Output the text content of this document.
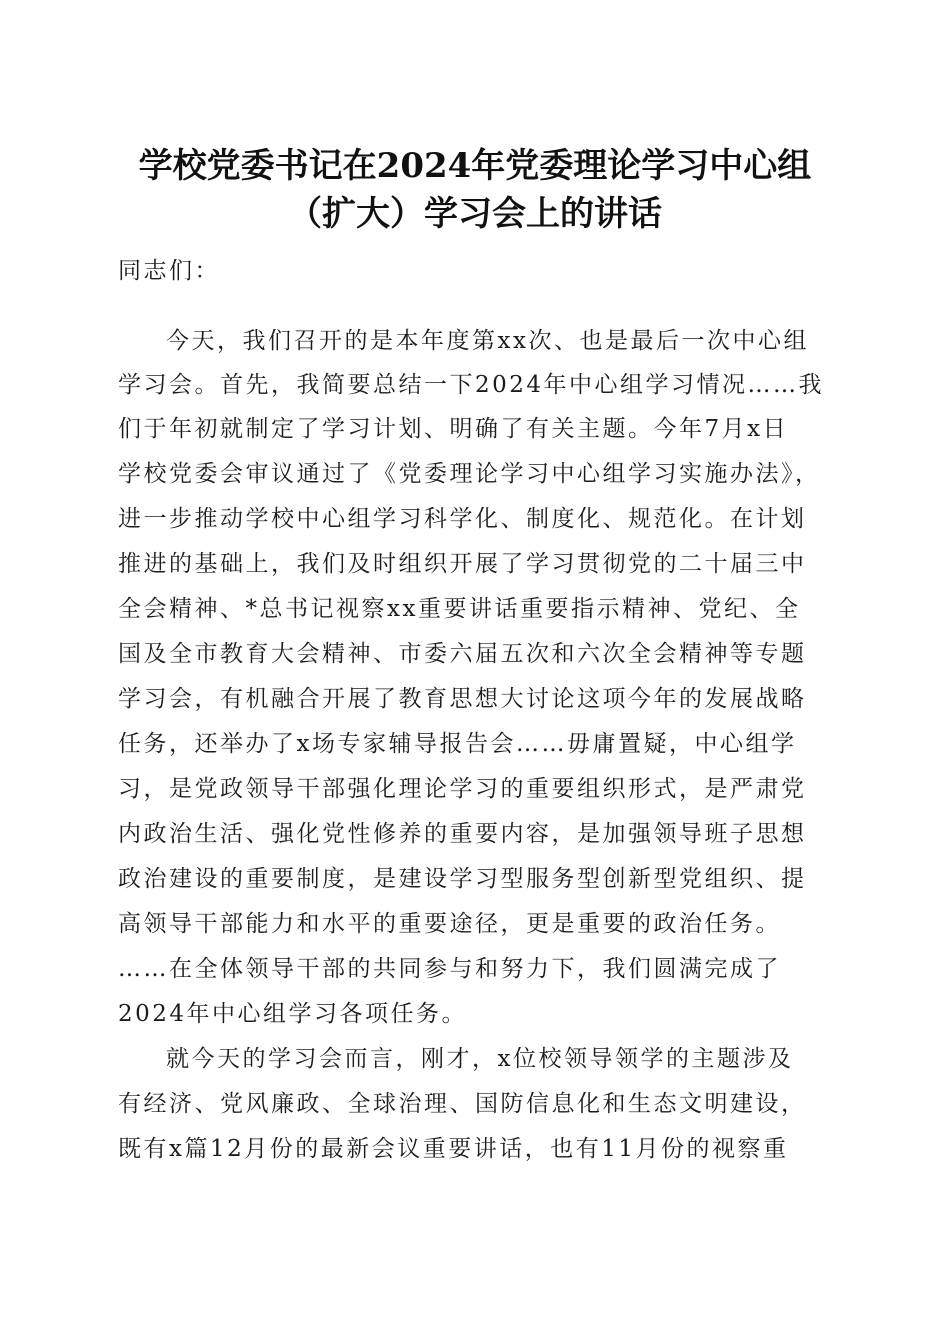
学校党委书记在2024年党委理论学习中心组
（扩大）学习会上的讲话
同志们：
今天，我们召开的是本年度第xx次、也是最后一次中心组
学习会。首先，我简要总结一下2024年中心组学习情况……我
们于年初就制定了学习计划、明确了有关主题。今年7月x日
学校党委会审议通过了《党委理论学习中心组学习实施办法》，
进一步推动学校中心组学习科学化、制度化、规范化。在计划
推进的基础上，我们及时组织开展了学习贯彻党的二十届三中
全会精神、*总书记视察xx重要讲话重要指示精神、党纪、全
国及全市教育大会精神、市委六届五次和六次全会精神等专题
学习会，有机融合开展了教育思想大讨论这项今年的发展战略
任务，还举办了x场专家辅导报告会……毋庸置疑，中心组学
习，是党政领导干部强化理论学习的重要组织形式，是严肃党
内政治生活、强化党性修养的重要内容，是加强领导班子思想
政治建设的重要制度，是建设学习型服务型创新型党组织、提
高领导干部能力和水平的重要途径，更是重要的政治任务。
……在全体领导干部的共同参与和努力下，我们圆满完成了
2024年中心组学习各项任务。
就今天的学习会而言，刚才，x位校领导领学的主题涉及
有经济、党风廉政、全球治理、国防信息化和生态文明建设，
既有x篇12月份的最新会议重要讲话，也有11月份的视察重
